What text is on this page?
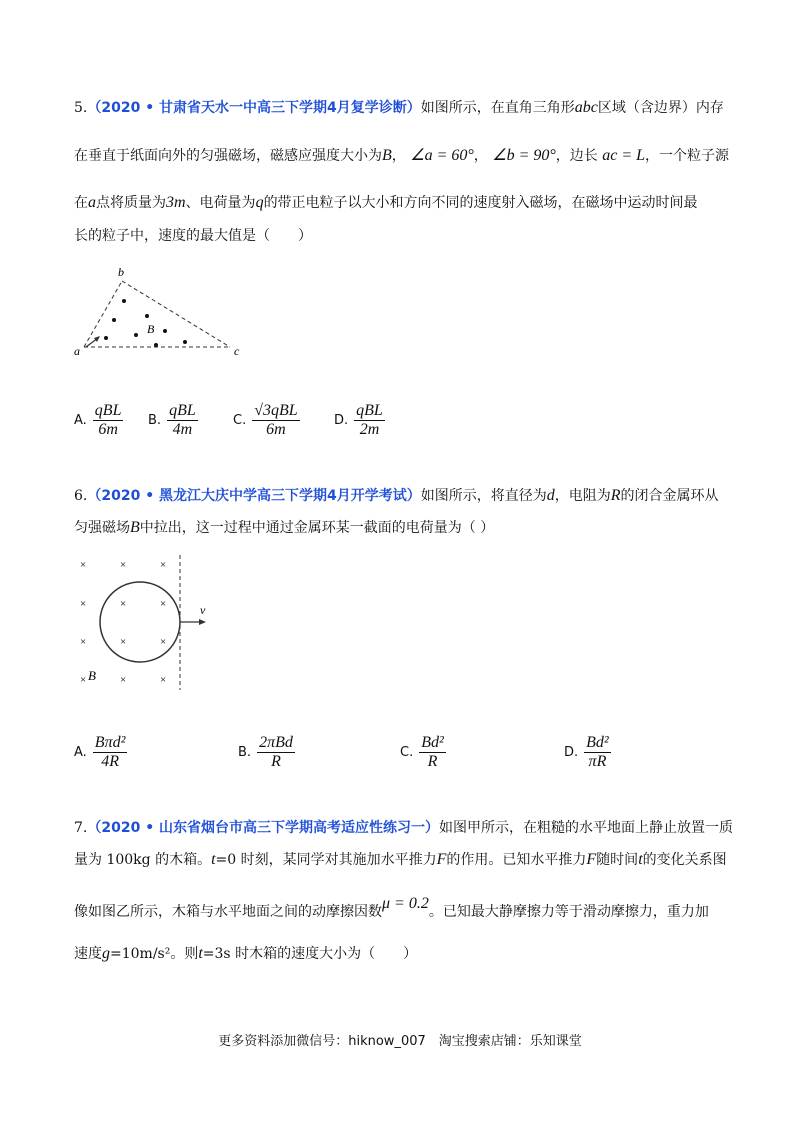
5.（2020 • 甘肃省天水一中高三下学期4月复学诊断）如图所示，在直角三角形abc区域（含边界）内存
在垂直于纸面向外的匀强磁场，磁感应强度大小为B， ∠a = 60°， ∠b = 90°，边长 ac = L，一个粒子源
在a点将质量为3m、电荷量为q的带正电粒子以大小和方向不同的速度射入磁场，在磁场中运动时间最
长的粒子中，速度的最大值是（　　）
b
a	c
B
A. $\frac{\text{qBL}}{6m} B$. $\frac{\text{qBL}}{4m}$	C. $\frac{\text{√3qBL}}{6m}$	D. $\frac{\text{qBL}}{2m}$
6.（2020 • 黑龙江大庆中学高三下学期4月开学考试）如图所示，将直径为d，电阻为R的闭合金属环从
匀强磁场B中拉出，这一过程中通过金属环某一截面的电荷量为（ ）
×	×	×
×	×	×
×	×	×
×	×	×
v
B
A. $\frac{\text{Bπd²}}{4R}$	B. $\frac{\text{2πBd}}{R}$	C. $\frac{\text{Bd²}}{R}$	D. $\frac{\text{Bd²}}{\pi R}$
7.（2020 • 山东省烟台市高三下学期高考适应性练习一）如图甲所示，在粗糙的水平地面上静止放置一质
量为 100kg 的木箱。t=0 时刻，某同学对其施加水平推力F的作用。已知水平推力F随时间t的变化关系图
像如图乙所示，木箱与水平地面之间的动摩擦因数μ = 0.2。已知最大静摩擦力等于滑动摩擦力，重力加
速度g=10m/s²。则t=3s 时木箱的速度大小为（　　）
更多资料添加微信号：hiknow_007　淘宝搜索店铺：乐知课堂
